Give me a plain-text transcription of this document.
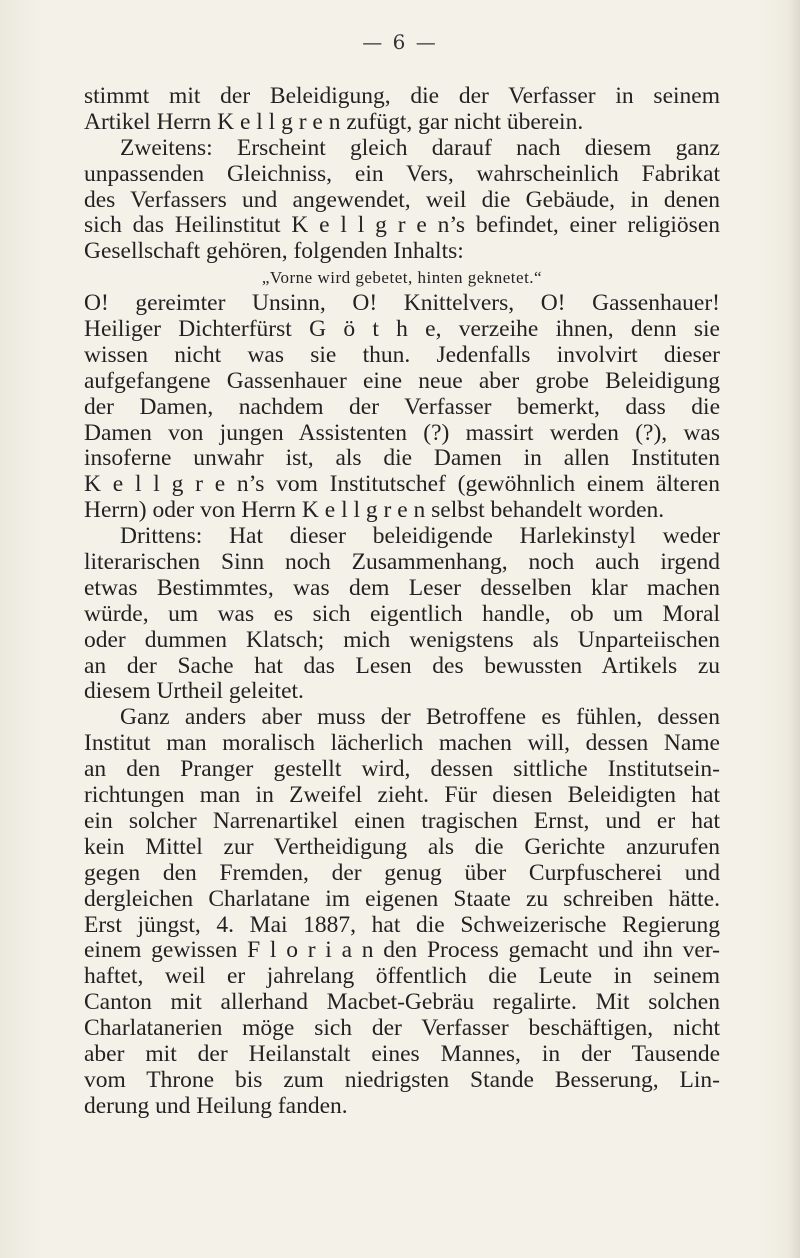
— 6 —
stimmt mit der Beleidigung, die der Verfasser in seinem
Artikel Herrn K e l l g r e n zufügt, gar nicht überein.
Zweitens: Erscheint gleich darauf nach diesem ganz
unpassenden Gleichniss, ein Vers, wahrscheinlich Fabrikat
des Verfassers und angewendet, weil die Gebäude, in denen
sich das Heilinstitut K e l l g r e n’s befindet, einer religiösen
Gesellschaft gehören, folgenden Inhalts:
„Vorne wird gebetet, hinten geknetet.“
O! gereimter Unsinn, O! Knittelvers, O! Gassenhauer!
Heiliger Dichterfürst G ö t h e, verzeihe ihnen, denn sie
wissen nicht was sie thun. Jedenfalls involvirt dieser
aufgefangene Gassenhauer eine neue aber grobe Beleidigung
der Damen, nachdem der Verfasser bemerkt, dass die
Damen von jungen Assistenten (?) massirt werden (?), was
insoferne unwahr ist, als die Damen in allen Instituten
K e l l g r e n’s vom Institutschef (gewöhnlich einem älteren
Herrn) oder von Herrn K e l l g r e n selbst behandelt worden.
Drittens: Hat dieser beleidigende Harlekinstyl weder
literarischen Sinn noch Zusammenhang, noch auch irgend
etwas Bestimmtes, was dem Leser desselben klar machen
würde, um was es sich eigentlich handle, ob um Moral
oder dummen Klatsch; mich wenigstens als Unparteiischen
an der Sache hat das Lesen des bewussten Artikels zu
diesem Urtheil geleitet.
Ganz anders aber muss der Betroffene es fühlen, dessen
Institut man moralisch lächerlich machen will, dessen Name
an den Pranger gestellt wird, dessen sittliche Institutsein-
richtungen man in Zweifel zieht. Für diesen Beleidigten hat
ein solcher Narrenartikel einen tragischen Ernst, und er hat
kein Mittel zur Vertheidigung als die Gerichte anzurufen
gegen den Fremden, der genug über Curpfuscherei und
dergleichen Charlatane im eigenen Staate zu schreiben hätte.
Erst jüngst, 4. Mai 1887, hat die Schweizerische Regierung
einem gewissen F l o r i a n den Process gemacht und ihn ver-
haftet, weil er jahrelang öffentlich die Leute in seinem
Canton mit allerhand Macbet-Gebräu regalirte. Mit solchen
Charlatanerien möge sich der Verfasser beschäftigen, nicht
aber mit der Heilanstalt eines Mannes, in der Tausende
vom Throne bis zum niedrigsten Stande Besserung, Lin-
derung und Heilung fanden.
